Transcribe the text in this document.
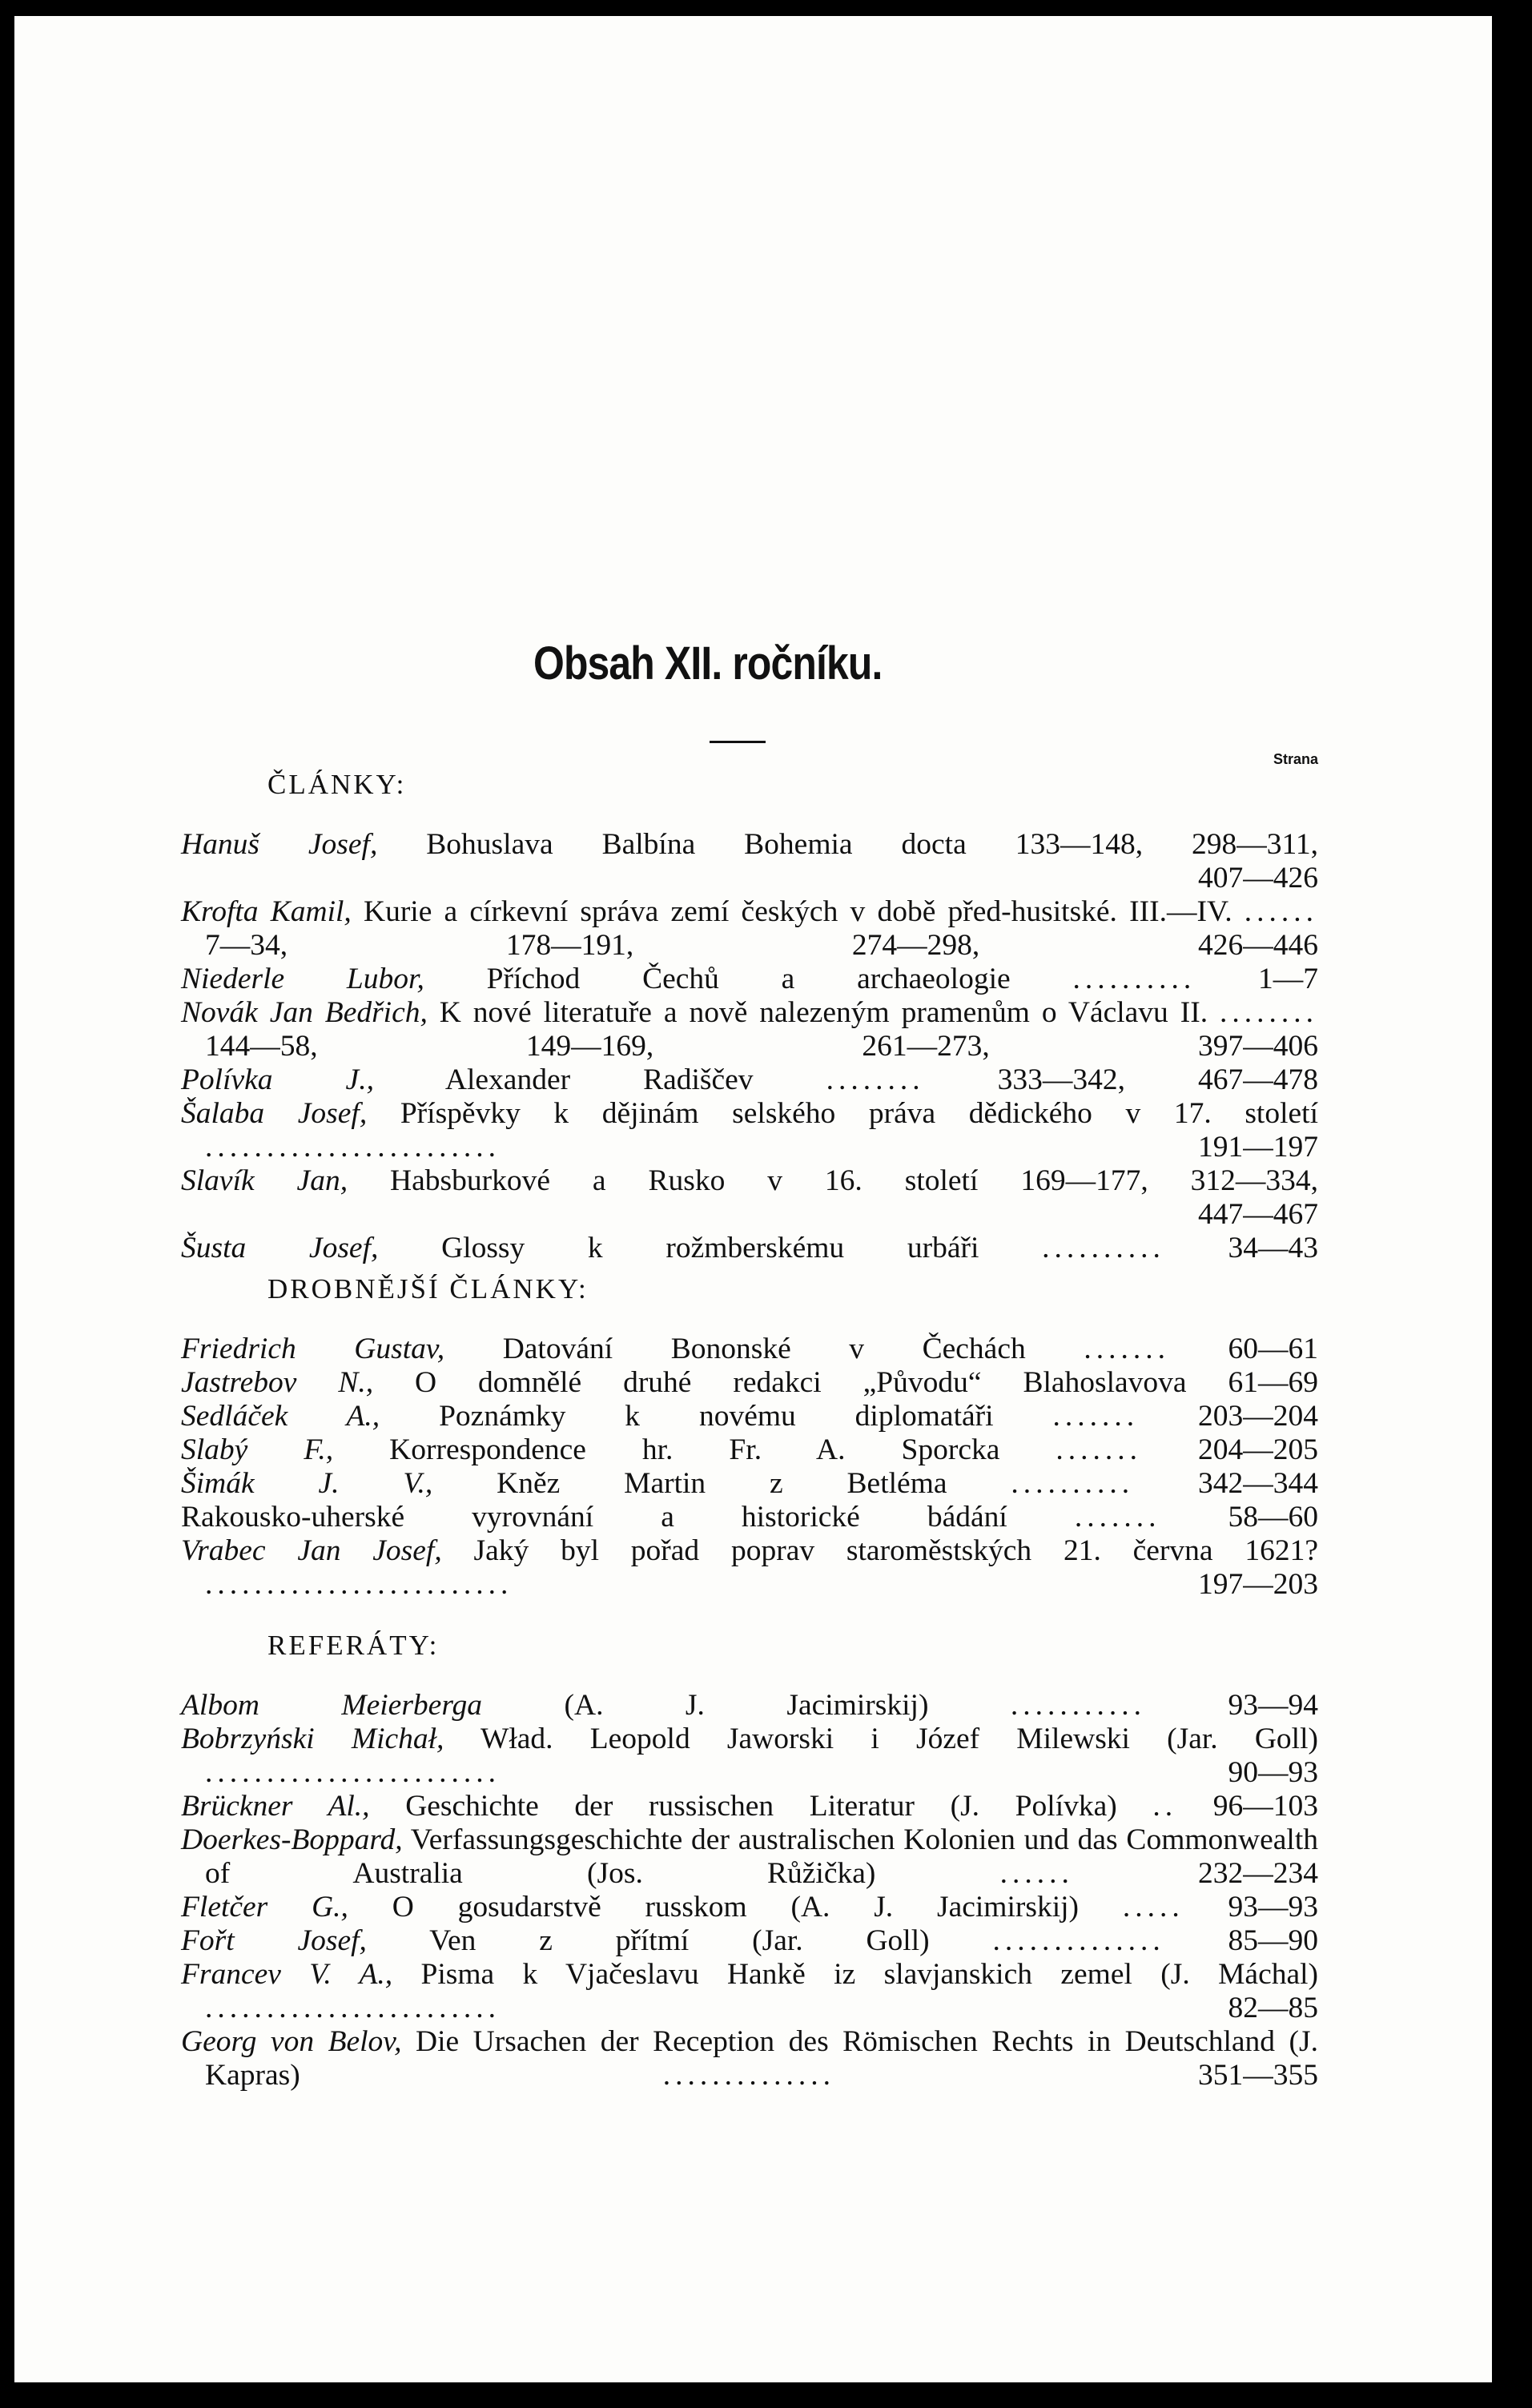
Obsah XII. ročníku.
Strana
ČLÁNKY:
Hanuš Josef, Bohuslava Balbína Bohemia docta 133—148, 298—311,
407—426
Krofta Kamil, Kurie a církevní správa zemí českých v době před-husitské. III.—IV. ...... 7—34, 178—191, 274—298, 426—446
Niederle Lubor, Příchod Čechů a archaeologie .......... 1—7
Novák Jan Bedřich, K nové literatuře a nově nalezeným pramenům o Václavu II. ........ 144—58, 149—169, 261—273, 397—406
Polívka J., Alexander Radiščev ........ 333—342, 467—478
Šalaba Josef, Příspěvky k dějinám selského práva dědického v 17. století ........................	191—197
Slavík Jan, Habsburkové a Rusko v 16. století 169—177, 312—334,
447—467
Šusta Josef, Glossy k rožmberskému urbáři .......... 34—43
DROBNĚJŠÍ ČLÁNKY:
Friedrich Gustav, Datování Bononské v Čechách ....... 60—61
Jastrebov N., O domnělé druhé redakci „Původu“ Blahoslavova 61—69
Sedláček A., Poznámky k novému diplomatáři ....... 203—204
Slabý F., Korrespondence hr. Fr. A. Sporcka ....... 204—205
Šimák J. V., Kněz Martin z Betléma .......... 342—344
Rakousko-uherské vyrovnání a historické bádání ....... 58—60
Vrabec Jan Josef, Jaký byl pořad poprav staroměstských 21. června 1621? .........................	197—203
REFERÁTY:
Albom Meierberga	(A. J. Jacimirskij)	...........	93—94
Bobrzyński Michał, Wład. Leopold Jaworski i Józef Milewski (Jar. Goll) ........................	90—93
Brückner Al., Geschichte der russischen Literatur (J. Polívka) .. 96—103
Doerkes-Boppard, Verfassungsgeschichte der australischen Kolonien und das Commonwealth of Australia (Jos. Růžička)	......	232—234
Fletčer G., O gosudarstvě russkom (A. J. Jacimirskij) ..... 93—93
Fořt Josef, Ven z přítmí (Jar. Goll) .............. 85—90
Francev V. A., Pisma k Vjačeslavu Hankě iz slavjanskich zemel (J. Máchal) ........................	82—85
Georg von Belov, Die Ursachen der Reception des Römischen Rechts in Deutschland (J. Kapras)	..............	351—355
